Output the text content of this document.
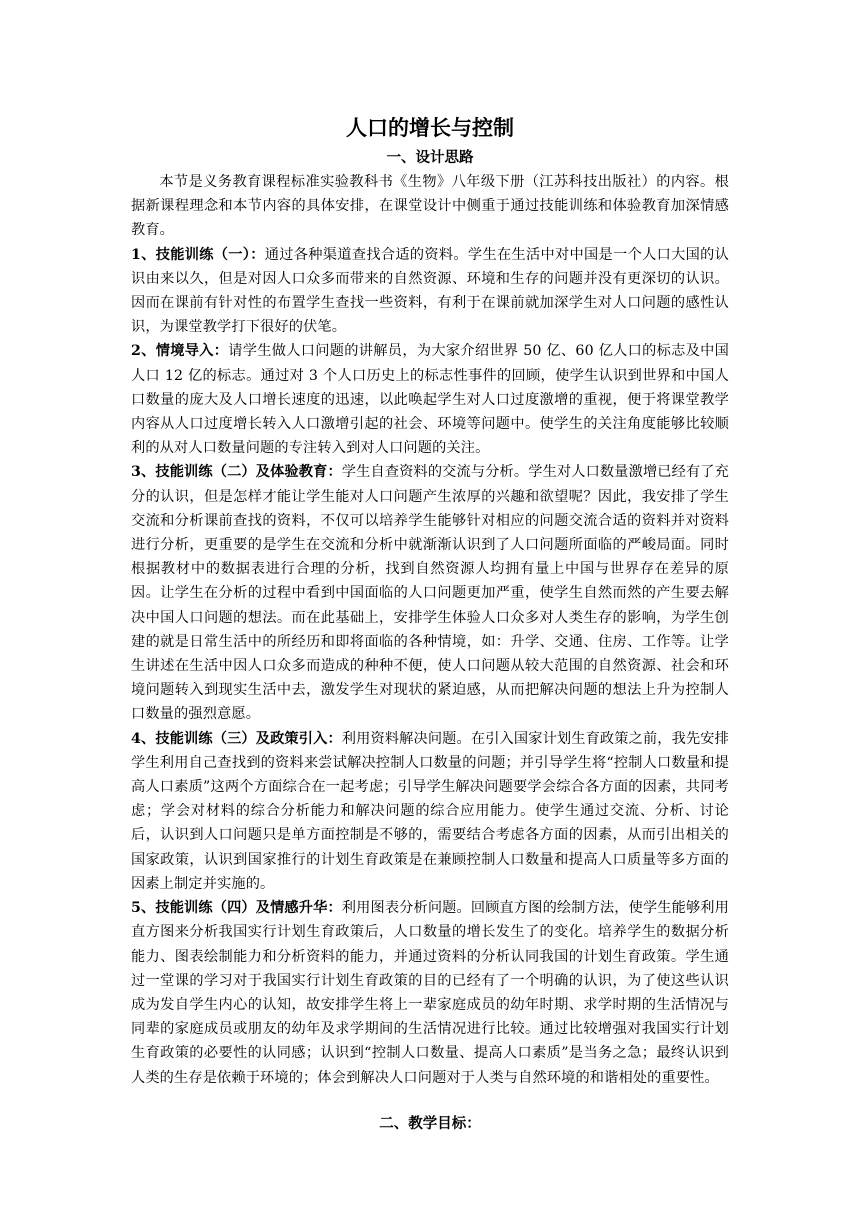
人口的增长与控制
一、设计思路

本节是义务教育课程标准实验教科书《生物》八年级下册（江苏科技出版社）的内容。根据新课程理念和本节内容的具体安排，在课堂设计中侧重于通过技能训练和体验教育加深情感教育。

1、技能训练（一）：通过各种渠道查找合适的资料。学生在生活中对中国是一个人口大国的认识由来以久，但是对因人口众多而带来的自然资源、环境和生存的问题并没有更深切的认识。因而在课前有针对性的布置学生查找一些资料，有利于在课前就加深学生对人口问题的感性认识，为课堂教学打下很好的伏笔。

2、情境导入：请学生做人口问题的讲解员，为大家介绍世界 50 亿、60 亿人口的标志及中国人口 12 亿的标志。通过对 3 个人口历史上的标志性事件的回顾，使学生认识到世界和中国人口数量的庞大及人口增长速度的迅速，以此唤起学生对人口过度激增的重视，便于将课堂教学内容从人口过度增长转入人口激增引起的社会、环境等问题中。使学生的关注角度能够比较顺利的从对人口数量问题的专注转入到对人口问题的关注。

3、技能训练（二）及体验教育：学生自查资料的交流与分析。学生对人口数量激增已经有了充分的认识，但是怎样才能让学生能对人口问题产生浓厚的兴趣和欲望呢？因此，我安排了学生交流和分析课前查找的资料，不仅可以培养学生能够针对相应的问题交流合适的资料并对资料进行分析，更重要的是学生在交流和分析中就渐渐认识到了人口问题所面临的严峻局面。同时根据教材中的数据表进行合理的分析，找到自然资源人均拥有量上中国与世界存在差异的原因。让学生在分析的过程中看到中国面临的人口问题更加严重，使学生自然而然的产生要去解决中国人口问题的想法。而在此基础上，安排学生体验人口众多对人类生存的影响，为学生创建的就是日常生活中的所经历和即将面临的各种情境，如：升学、交通、住房、工作等。让学生讲述在生活中因人口众多而造成的种种不便，使人口问题从较大范围的自然资源、社会和环境问题转入到现实生活中去，激发学生对现状的紧迫感，从而把解决问题的想法上升为控制人口数量的强烈意愿。

4、技能训练（三）及政策引入：利用资料解决问题。在引入国家计划生育政策之前，我先安排学生利用自己查找到的资料来尝试解决控制人口数量的问题；并引导学生将“控制人口数量和提高人口素质”这两个方面综合在一起考虑；引导学生解决问题要学会综合各方面的因素，共同考虑；学会对材料的综合分析能力和解决问题的综合应用能力。使学生通过交流、分析、讨论后，认识到人口问题只是单方面控制是不够的，需要结合考虑各方面的因素，从而引出相关的国家政策，认识到国家推行的计划生育政策是在兼顾控制人口数量和提高人口质量等多方面的因素上制定并实施的。

5、技能训练（四）及情感升华：利用图表分析问题。回顾直方图的绘制方法，使学生能够利用直方图来分析我国实行计划生育政策后，人口数量的增长发生了的变化。培养学生的数据分析能力、图表绘制能力和分析资料的能力，并通过资料的分析认同我国的计划生育政策。学生通过一堂课的学习对于我国实行计划生育政策的目的已经有了一个明确的认识，为了使这些认识成为发自学生内心的认知，故安排学生将上一辈家庭成员的幼年时期、求学时期的生活情况与同辈的家庭成员或朋友的幼年及求学期间的生活情况进行比较。通过比较增强对我国实行计划生育政策的必要性的认同感；认识到“控制人口数量、提高人口素质”是当务之急；最终认识到人类的生存是依赖于环境的；体会到解决人口问题对于人类与自然环境的和谐相处的重要性。

二、教学目标：
